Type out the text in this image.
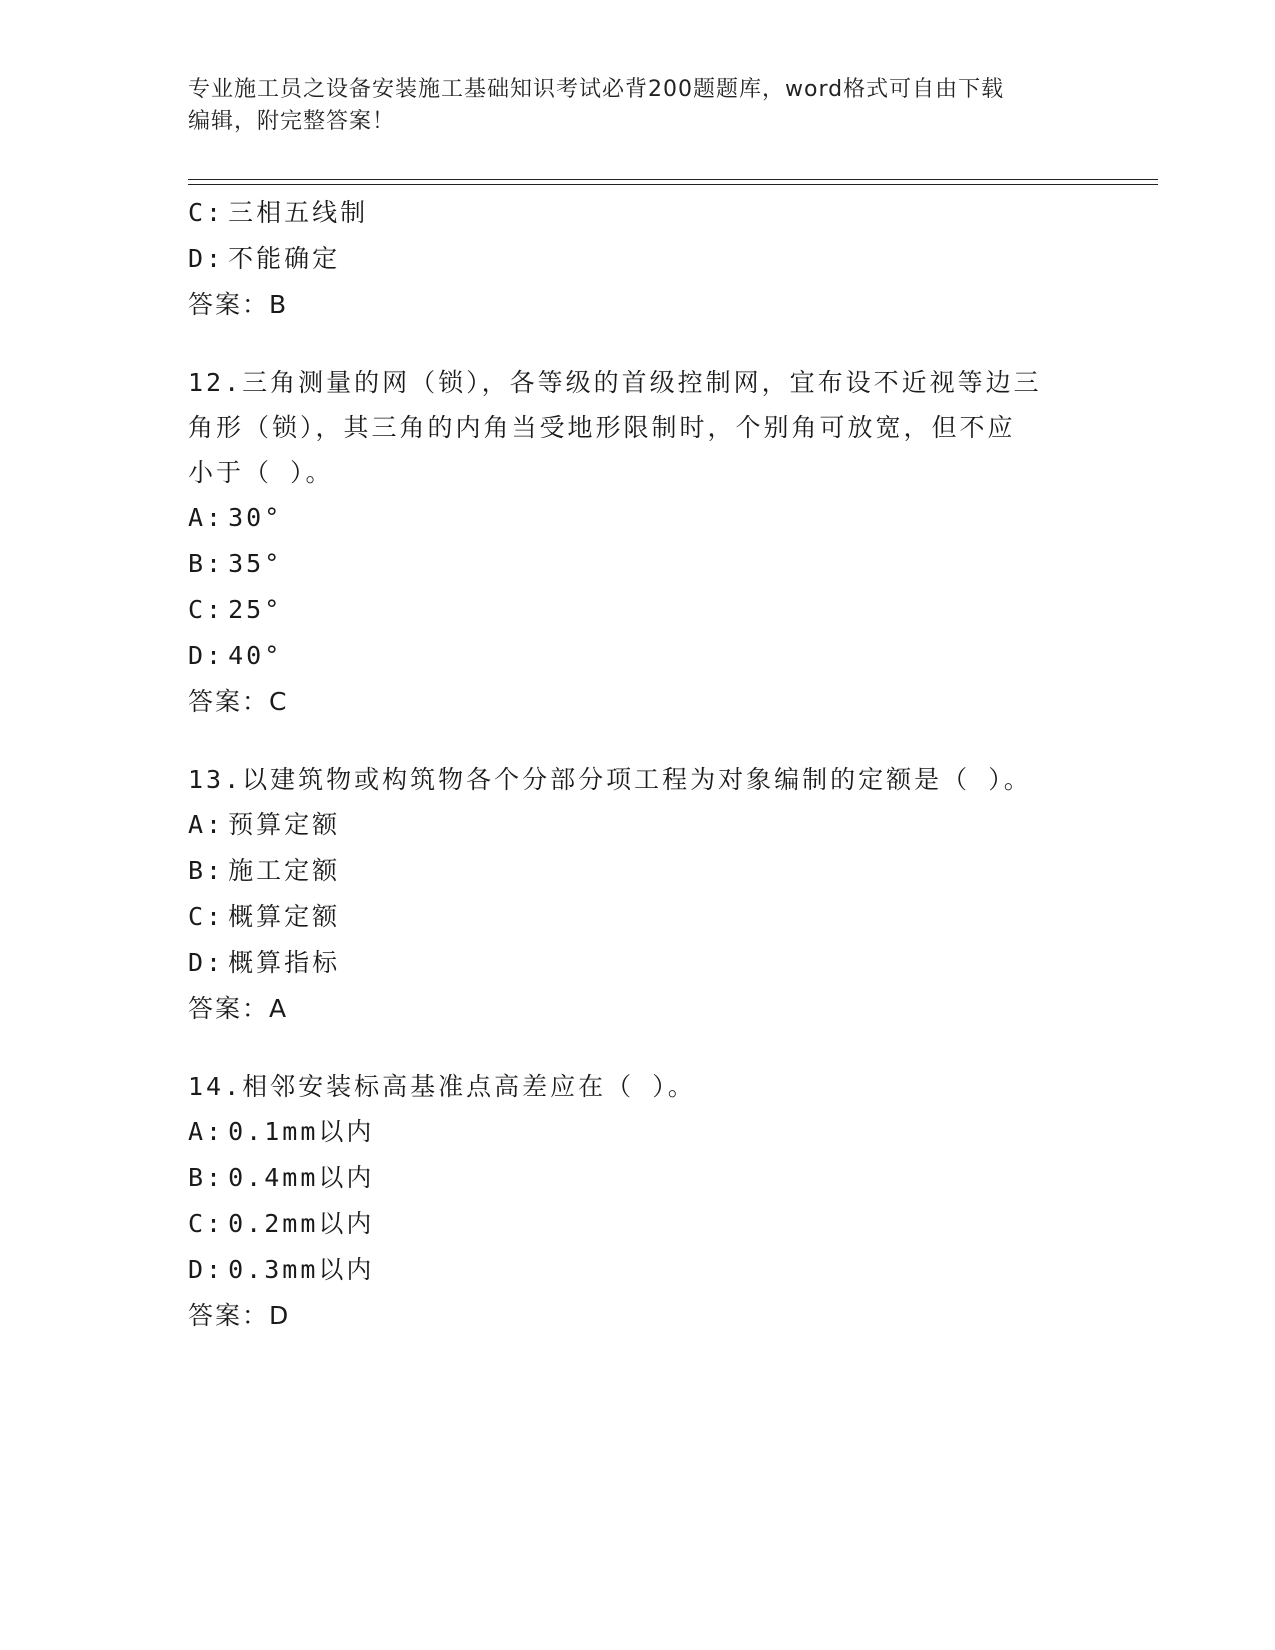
专业施工员之设备安装施工基础知识考试必背200题题库，word格式可自由下载
编辑，附完整答案！
C: 三相五线制
D: 不能确定
答案：B
12.三角测量的网（锁），各等级的首级控制网，宜布设不近视等边三
角形（锁），其三角的内角当受地形限制时，个别角可放宽，但不应
小于（ ）。
A: 30°
B: 35°
C: 25°
D: 40°
答案：C
13.以建筑物或构筑物各个分部分项工程为对象编制的定额是（ ）。
A: 预算定额
B: 施工定额
C: 概算定额
D: 概算指标
答案：A
14.相邻安装标高基准点高差应在（ ）。
A: 0.1mm以内
B: 0.4mm以内
C: 0.2mm以内
D: 0.3mm以内
答案：D
